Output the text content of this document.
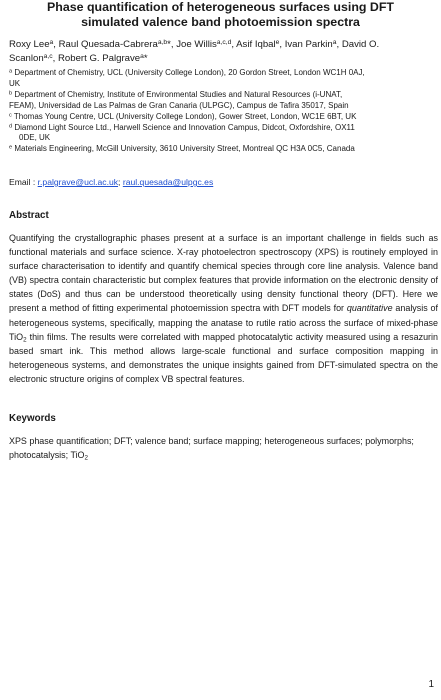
Phase quantification of heterogeneous surfaces using DFT
simulated valence band photoemission spectra
Roxy Lee$^a$, Raul Quesada-Cabrera$^{a,b}$*, Joe Willis$^{a,c,d}$, Asif Iqbal$^e$, Ivan Parkin$^a$, David O.
Scanlon$^{a,c}$, Robert G. Palgrave$^a$*
$^a$ Department of Chemistry, UCL (University College London), 20 Gordon Street, London WC1H 0AJ,
UK
$^b$ Department of Chemistry, Institute of Environmental Studies and Natural Resources (i-UNAT,
FEAM), Universidad de Las Palmas de Gran Canaria (ULPGC), Campus de Tafira 35017, Spain
$^c$ Thomas Young Centre, UCL (University College London), Gower Street, London, WC1E 6BT, UK
$^d$ Diamond Light Source Ltd., Harwell Science and Innovation Campus, Didcot, Oxfordshire, OX11
0DE, UK
$^e$ Materials Engineering, McGill University, 3610 University Street, Montreal QC H3A 0C5, Canada
Email : r.palgrave@ucl.ac.uk; raul.quesada@ulpgc.es
Abstract
Quantifying the crystallographic phases present at a surface is an important challenge in fields such as functional materials and surface science. X-ray photoelectron spectroscopy (XPS) is routinely employed in surface characterisation to identify and quantify chemical species through core line analysis. Valence band (VB) spectra contain characteristic but complex features that provide information on the electronic density of states (DoS) and thus can be understood theoretically using density functional theory (DFT). Here we present a method of fitting experimental photoemission spectra with DFT models for quantitative analysis of heterogeneous systems, specifically, mapping the anatase to rutile ratio across the surface of mixed-phase TiO$_2$ thin films. The results were correlated with mapped photocatalytic activity measured using a resazurin based smart ink. This method allows large-scale functional and surface composition mapping in heterogeneous systems, and demonstrates the unique insights gained from DFT-simulated spectra on the electronic structure origins of complex VB spectral features.
Keywords
XPS phase quantification; DFT; valence band; surface mapping; heterogeneous surfaces; polymorphs; photocatalysis; TiO$_2$
1
